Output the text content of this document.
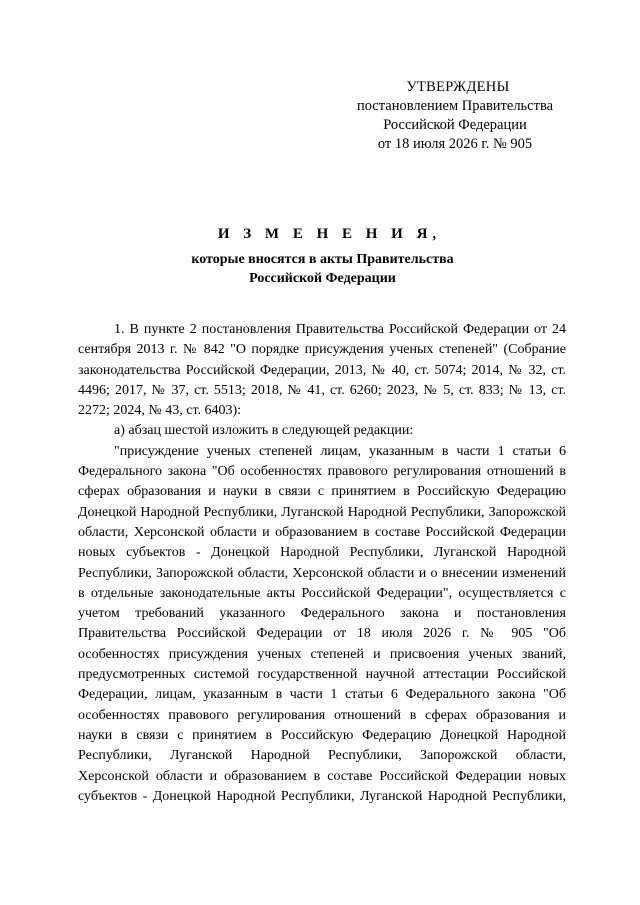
УТВЕРЖДЕНЫ
постановлением Правительства
Российской Федерации
от 18 июля 2026 г. № 905
И З М Е Н Е Н И Я,
которые вносятся в акты Правительства
Российской Федерации

1. В пункте 2 постановления Правительства Российской Федерации от 24 сентября 2013 г. № 842 "О порядке присуждения ученых степеней" (Собрание законодательства Российской Федерации, 2013, № 40, ст. 5074; 2014, № 32, ст. 4496; 2017, № 37, ст. 5513; 2018, № 41, ст. 6260; 2023, № 5, ст. 833; № 13, ст. 2272; 2024, № 43, ст. 6403):

а) абзац шестой изложить в следующей редакции:

"присуждение ученых степеней лицам, указанным в части 1 статьи 6 Федерального закона "Об особенностях правового регулирования отношений в сферах образования и науки в связи с принятием в Российскую Федерацию Донецкой Народной Республики, Луганской Народной Республики, Запорожской области, Херсонской области и образованием в составе Российской Федерации новых субъектов - Донецкой Народной Республики, Луганской Народной Республики, Запорожской области, Херсонской области и о внесении изменений в отдельные законодательные акты Российской Федерации", осуществляется с учетом требований указанного Федерального закона и постановления Правительства Российской Федерации от 18 июля 2026 г. № 905 "Об особенностях присуждения ученых степеней и присвоения ученых званий, предусмотренных системой государственной научной аттестации Российской Федерации, лицам, указанным в части 1 статьи 6 Федерального закона "Об особенностях правового регулирования отношений в сферах образования и науки в связи с принятием в Российскую Федерацию Донецкой Народной Республики, Луганской Народной Республики, Запорожской области, Херсонской области и образованием в составе Российской Федерации новых субъектов - Донецкой Народной Республики, Луганской Народной Республики,
